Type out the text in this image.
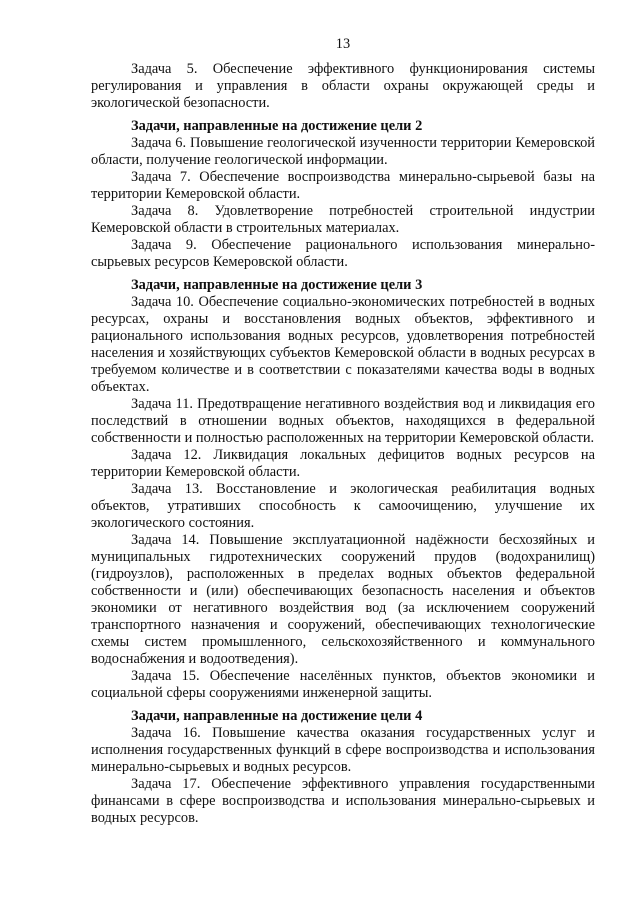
13

Задача 5. Обеспечение эффективного функционирования системы регулирования и управления в области охраны окружающей среды и экологической безопасности.

Задачи, направленные на достижение цели 2

Задача 6. Повышение геологической изученности территории Кемеровской области, получение геологической информации.

Задача 7. Обеспечение воспроизводства минерально-сырьевой базы на территории Кемеровской области.

Задача 8. Удовлетворение потребностей строительной индустрии Кемеровской области в строительных материалах.

Задача 9. Обеспечение рационального использования минерально-сырьевых ресурсов Кемеровской области.

Задачи, направленные на достижение цели 3

Задача 10. Обеспечение социально-экономических потребностей в водных ресурсах, охраны и восстановления водных объектов, эффективного и рационального использования водных ресурсов, удовлетворения потребностей населения и хозяйствующих субъектов Кемеровской области в водных ресурсах в требуемом количестве и в соответствии с показателями качества воды в водных объектах.

Задача 11. Предотвращение негативного воздействия вод и ликвидация его последствий в отношении водных объектов, находящихся в федеральной собственности и полностью расположенных на территории Кемеровской области.

Задача 12. Ликвидация локальных дефицитов водных ресурсов на территории Кемеровской области.

Задача 13. Восстановление и экологическая реабилитация водных объектов, утративших способность к самоочищению, улучшение их экологического состояния.

Задача 14. Повышение эксплуатационной надёжности бесхозяйных и муниципальных гидротехнических сооружений прудов (водохранилищ) (гидроузлов), расположенных в пределах водных объектов федеральной собственности и (или) обеспечивающих безопасность населения и объектов экономики от негативного воздействия вод (за исключением сооружений транспортного назначения и сооружений, обеспечивающих технологические схемы систем промышленного, сельскохозяйственного и коммунального водоснабжения и водоотведения).

Задача 15. Обеспечение населённых пунктов, объектов экономики и социальной сферы сооружениями инженерной защиты.

Задачи, направленные на достижение цели 4

Задача 16. Повышение качества оказания государственных услуг и исполнения государственных функций в сфере воспроизводства и использования минерально-сырьевых и водных ресурсов.

Задача 17. Обеспечение эффективного управления государственными финансами в сфере воспроизводства и использования минерально-сырьевых и водных ресурсов.
